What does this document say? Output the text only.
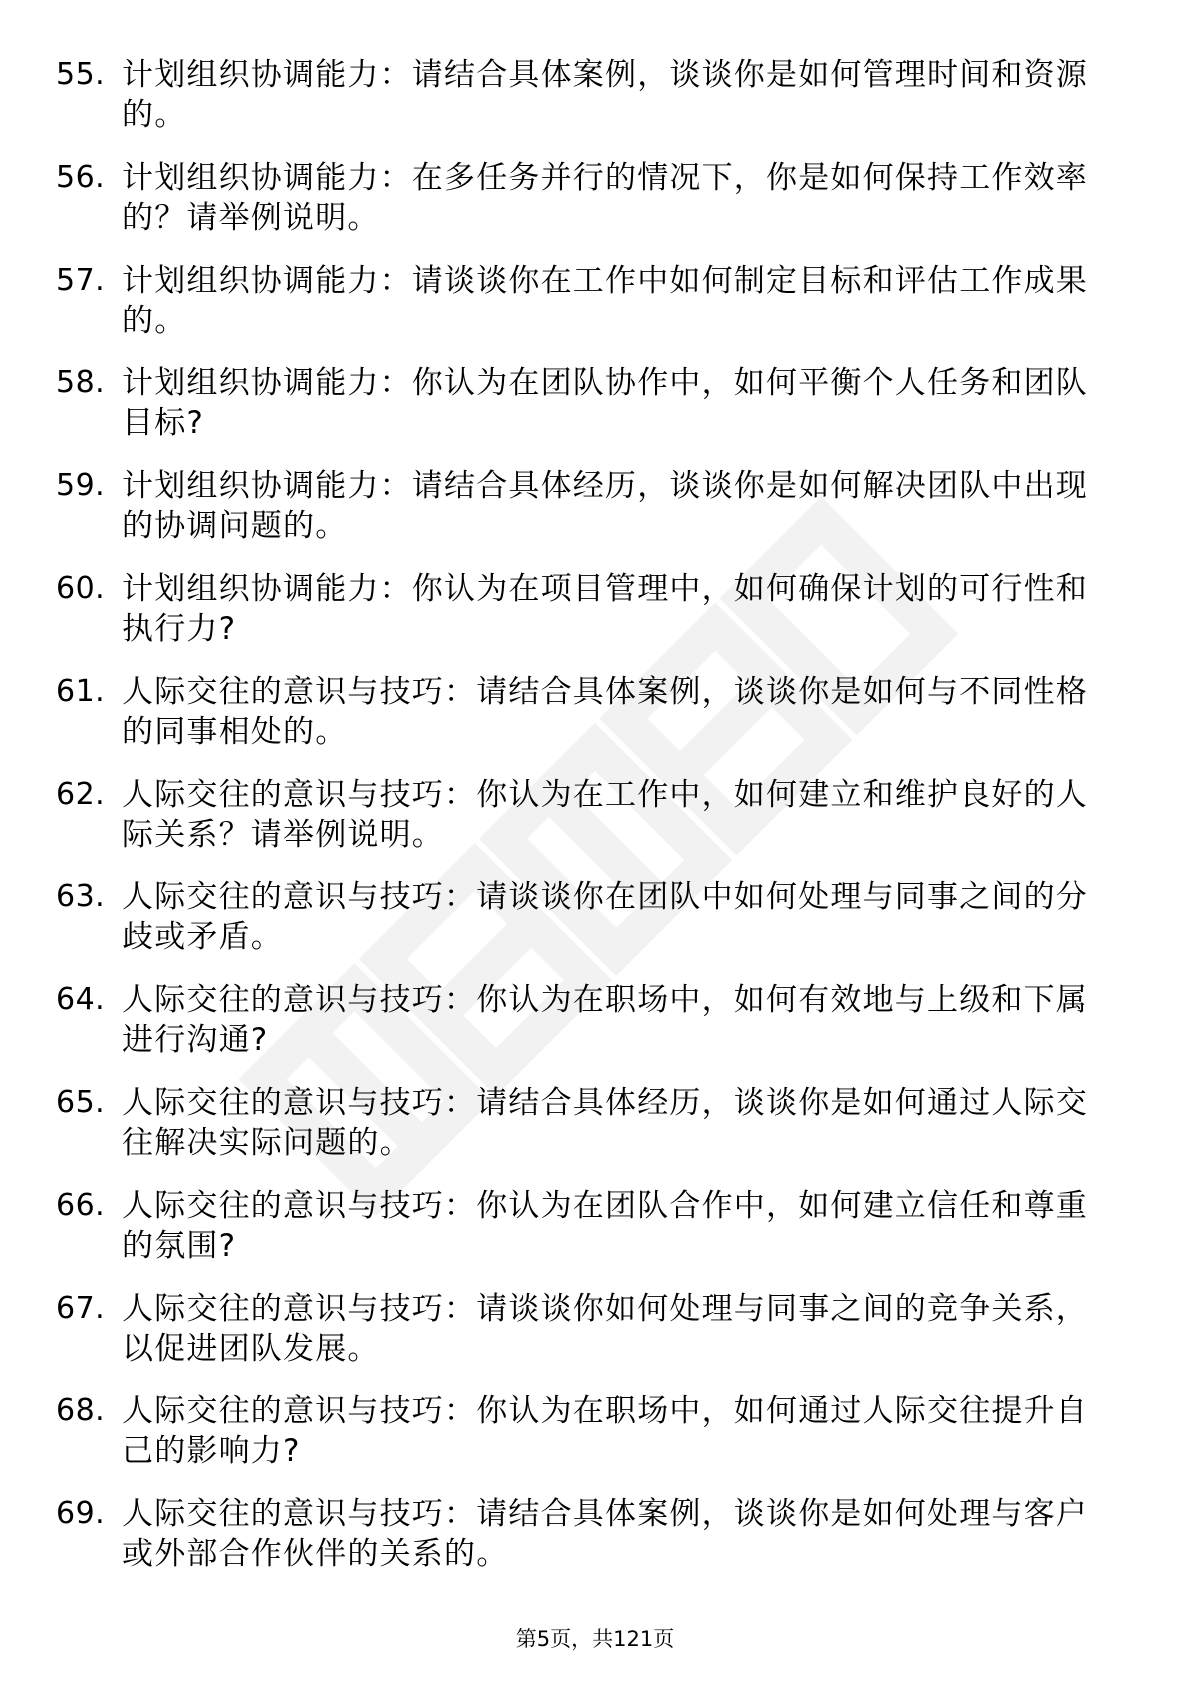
55. 计划组织协调能力：请结合具体案例，谈谈你是如何管理时间和资源的。
56. 计划组织协调能力：在多任务并行的情况下，你是如何保持工作效率的？请举例说明。
57. 计划组织协调能力：请谈谈你在工作中如何制定目标和评估工作成果的。
58. 计划组织协调能力：你认为在团队协作中，如何平衡个人任务和团队目标?
59. 计划组织协调能力：请结合具体经历，谈谈你是如何解决团队中出现的协调问题的。
60. 计划组织协调能力：你认为在项目管理中，如何确保计划的可行性和执行力?
61. 人际交往的意识与技巧：请结合具体案例，谈谈你是如何与不同性格的同事相处的。
62. 人际交往的意识与技巧：你认为在工作中，如何建立和维护良好的人际关系？请举例说明。
63. 人际交往的意识与技巧：请谈谈你在团队中如何处理与同事之间的分歧或矛盾。
64. 人际交往的意识与技巧：你认为在职场中，如何有效地与上级和下属进行沟通?
65. 人际交往的意识与技巧：请结合具体经历，谈谈你是如何通过人际交往解决实际问题的。
66. 人际交往的意识与技巧：你认为在团队合作中，如何建立信任和尊重的氛围?
67. 人际交往的意识与技巧：请谈谈你如何处理与同事之间的竞争关系，以促进团队发展。
68. 人际交往的意识与技巧：你认为在职场中，如何通过人际交往提升自己的影响力?
69. 人际交往的意识与技巧：请结合具体案例，谈谈你是如何处理与客户或外部合作伙伴的关系的。
第5页，共121页
